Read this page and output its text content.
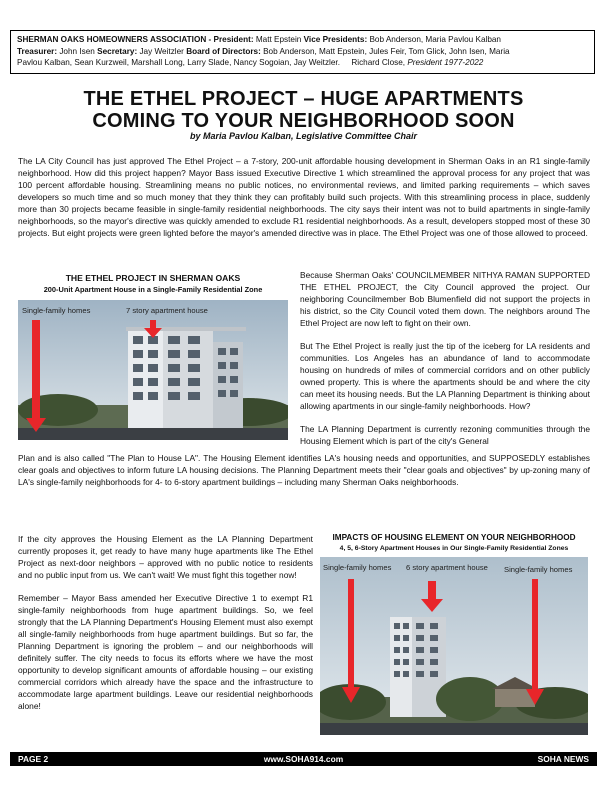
SHERMAN OAKS HOMEOWNERS ASSOCIATION - President: Matt Epstein Vice Presidents: Bob Anderson, Maria Pavlou Kalban
Treasurer: John Isen Secretary: Jay Weitzler Board of Directors: Bob Anderson, Matt Epstein, Jules Feir, Tom Glick, John Isen, Maria
Pavlou Kalban, Sean Kurzweil, Marshall Long, Larry Slade, Nancy Sogoian, Jay Weitzler. Richard Close, President 1977-2022
THE ETHEL PROJECT – HUGE APARTMENTS
COMING TO YOUR NEIGHBORHOOD SOON
by Maria Pavlou Kalban, Legislative Committee Chair

The LA City Council has just approved The Ethel Project – a 7-story, 200-unit affordable housing development in Sherman Oaks in an R1 single-family neighborhood. How did this project happen? Mayor Bass issued Executive Directive 1 which streamlined the approval process for any project that was 100 percent affordable housing. Streamlining means no public notices, no environmental reviews, and limited parking requirements – which saves developers so much time and so much money that they think they can profitably build such projects. With this streamlining process in place, suddenly more than 30 projects became feasible in single-family residential neighborhoods. The city says their intent was not to build apartments in single-family neighborhoods, so the mayor's directive was quickly amended to exclude R1 residential neighborhoods. As a result, developers stopped most of these 30 projects. But eight projects were green lighted before the mayor's amended directive was in place. The Ethel Project was one of those allowed to proceed.

THE ETHEL PROJECT IN SHERMAN OAKS
200-Unit Apartment House in a Single-Family Residential Zone
Single-family homes	7 story apartment house

Because Sherman Oaks' COUNCILMEMBER NITHYA RAMAN SUPPORTED THE ETHEL PROJECT, the City Council approved the project. Our neighboring Councilmember Bob Blumenfield did not support the projects in his district, so the City Council voted them down. The neighbors around The Ethel Project are now left to fight on their own.

But The Ethel Project is really just the tip of the iceberg for LA residents and communities. Los Angeles has an abundance of land to accommodate housing on hundreds of miles of commercial corridors and on other publicly owned property. This is where the apartments should be and where the city can meet its housing needs. But the LA Planning Department is thinking about allowing apartments in our single-family neighborhoods. How?

The LA Planning Department is currently rezoning communities through the Housing Element which is part of the city's General

Plan and is also called "The Plan to House LA". The Housing Element identifies LA's housing needs and opportunities, and SUPPOSEDLY establishes clear goals and objectives to inform future LA housing decisions. The Planning Department meets their "clear goals and objectives" by up-zoning many of LA's single-family neighborhoods for 4- to 6-story apartment buildings – including many Sherman Oaks neighborhoods.

If the city approves the Housing Element as the LA Planning Department currently proposes it, get ready to have many huge apartments like The Ethel Project as next-door neighbors – approved with no public notice to residents and no public input from us. We can't wait! We must fight this together now!

Remember – Mayor Bass amended her Executive Directive 1 to exempt R1 single-family neighborhoods from huge apartment buildings. So, we feel strongly that the LA Planning Department's Housing Element must also exempt all single-family neighborhoods from huge apartment buildings. But so far, the Planning Department is ignoring the problem – and our neighborhoods will definitely suffer. The city needs to focus its efforts where we have the most opportunity to develop significant amounts of affordable housing – our existing commercial corridors which already have the space and the infrastructure to accommodate large apartment buildings. Leave our residential neighborhoods alone!

IMPACTS OF HOUSING ELEMENT ON YOUR NEIGHBORHOOD
4, 5, 6-Story Apartment Houses in Our Single-Family Residential Zones
Single-family homes 6 story apartment house Single-family homes
PAGE 2	www.SOHA914.com	SOHA NEWS
